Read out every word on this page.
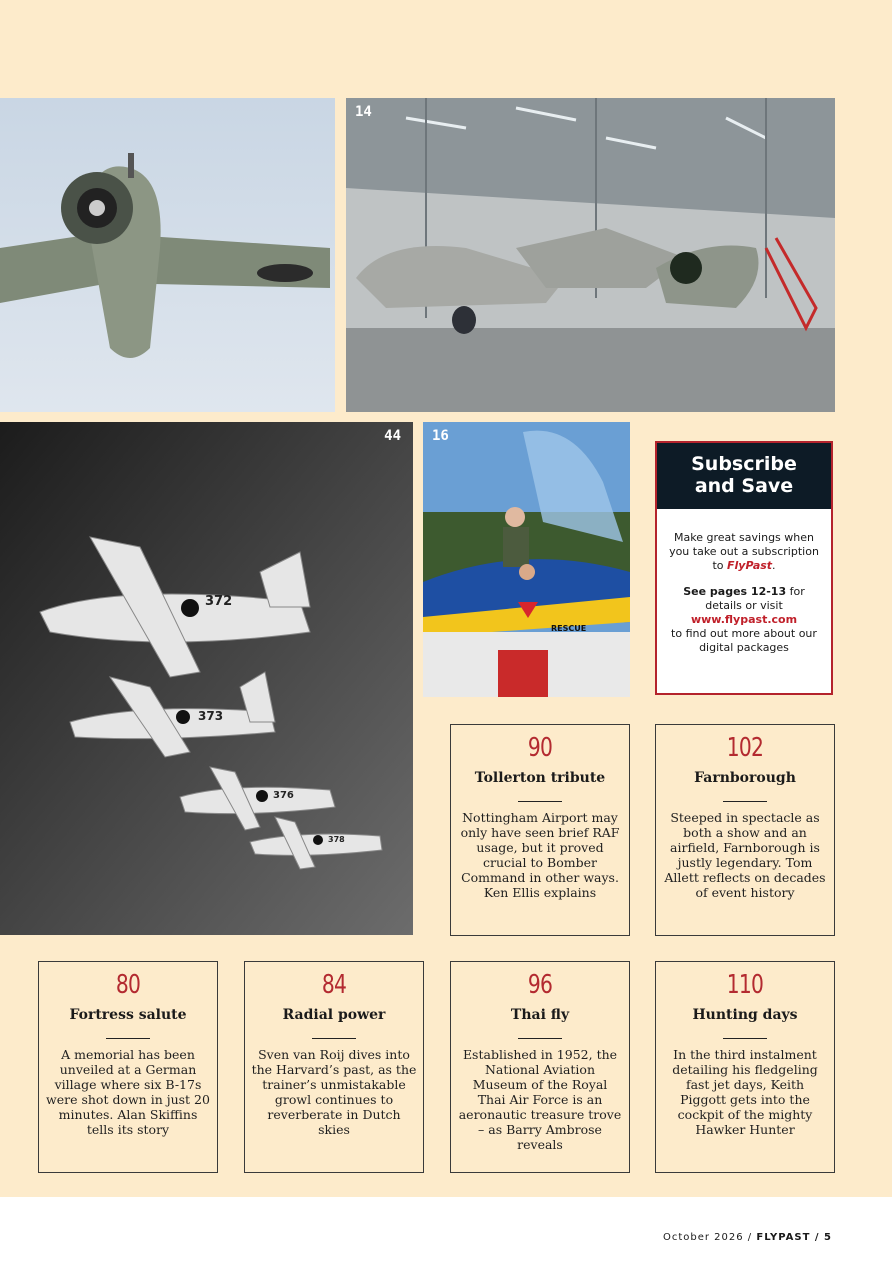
14
44
372
373
376
378
16
RESCUE
Subscribe
and Save

Make great savings when you take out a subscription to FlyPast.

See pages 12-13 for details or visit
www.flypast.com
to find out more about our digital packages

90
Tollerton tribute
Nottingham Airport may only have seen brief RAF usage, but it proved crucial to Bomber Command in other ways. Ken Ellis explains
102
Farnborough
Steeped in spectacle as both a show and an airfield, Farnborough is justly legendary. Tom Allett reflects on decades of event history
80
Fortress salute
A memorial has been unveiled at a German village where six B-17s were shot down in just 20 minutes. Alan Skiffins tells its story
84
Radial power
Sven van Roij dives into the Harvard’s past, as the trainer’s unmistakable growl continues to reverberate in Dutch skies
96
Thai fly
Established in 1952, the National Aviation Museum of the Royal Thai Air Force is an aeronautic treasure trove – as Barry Ambrose reveals
110
Hunting days
In the third instalment detailing his fledgeling fast jet days, Keith Piggott gets into the cockpit of the mighty Hawker Hunter
October 2026 / FLYPAST / 5
